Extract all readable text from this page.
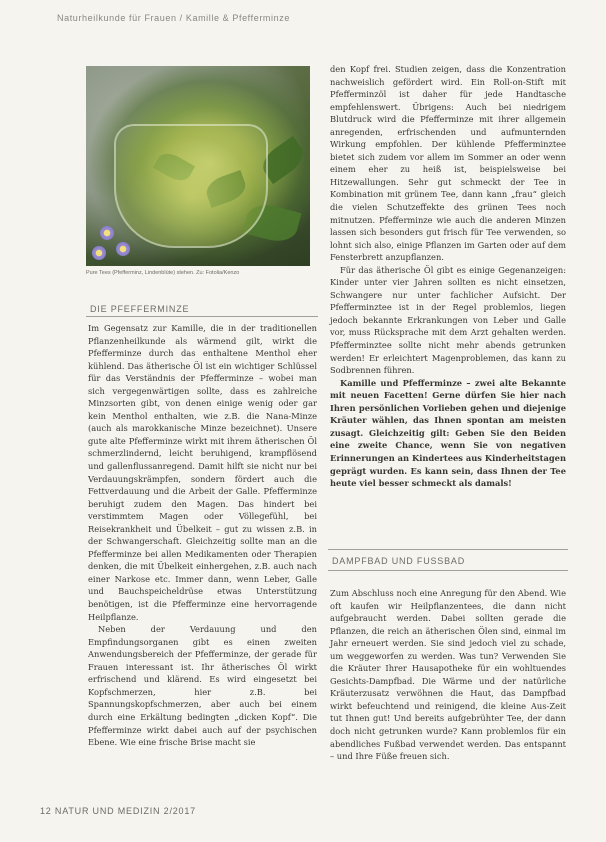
Naturheilkunde für Frauen / Kamille & Pfefferminze
Pure Tees (Pfefferminz, Lindenblüte) stehen. Zu: Fotolia/Kenzo
DIE PFEFFERMINZE

Im Gegensatz zur Kamille, die in der traditionellen Pflanzenheilkunde als wärmend gilt, wirkt die Pfefferminze durch das enthaltene Menthol eher kühlend. Das ätherische Öl ist ein wichtiger Schlüssel für das Verständnis der Pfefferminze – wobei man sich vergegenwärtigen sollte, dass es zahlreiche Minzsorten gibt, von denen einige wenig oder gar kein Menthol enthalten, wie z.B. die Nana-Minze (auch als marokkanische Minze bezeichnet). Unsere gute alte Pfefferminze wirkt mit ihrem ätherischen Öl schmerzlindernd, leicht beruhigend, krampflösend und gallenflussanregend. Damit hilft sie nicht nur bei Verdauungskrämpfen, sondern fördert auch die Fettverdauung und die Arbeit der Galle. Pfefferminze beruhigt zudem den Magen. Das hindert bei verstimmtem Magen oder Völlegefühl, bei Reisekrankheit und Übelkeit – gut zu wissen z.B. in der Schwangerschaft. Gleichzeitig sollte man an die Pfefferminze bei allen Medikamenten oder Therapien denken, die mit Übelkeit einhergehen, z.B. auch nach einer Narkose etc. Immer dann, wenn Leber, Galle und Bauchspeicheldrüse etwas Unterstützung benötigen, ist die Pfefferminze eine hervorragende Heilpflanze.

Neben der Verdauung und den Empfindungsorganen gibt es einen zweiten Anwendungsbereich der Pfefferminze, der gerade für Frauen interessant ist. Ihr ätherisches Öl wirkt erfrischend und klärend. Es wird eingesetzt bei Kopfschmerzen, hier z.B. bei Spannungskopfschmerzen, aber auch bei einem durch eine Erkältung bedingten „dicken Kopf“. Die Pfefferminze wirkt dabei auch auf der psychischen Ebene. Wie eine frische Brise macht sie

den Kopf frei. Studien zeigen, dass die Konzentration nachweislich gefördert wird. Ein Roll-on-Stift mit Pfefferminzöl ist daher für jede Handtasche empfehlenswert. Übrigens: Auch bei niedrigem Blutdruck wird die Pfefferminze mit ihrer allgemein anregenden, erfrischenden und aufmunternden Wirkung empfohlen. Der kühlende Pfefferminztee bietet sich zudem vor allem im Sommer an oder wenn einem eher zu heiß ist, beispielsweise bei Hitzewallungen. Sehr gut schmeckt der Tee in Kombination mit grünem Tee, dann kann „frau“ gleich die vielen Schutzeffekte des grünen Tees noch mitnutzen. Pfefferminze wie auch die anderen Minzen lassen sich besonders gut frisch für Tee verwenden, so lohnt sich also, einige Pflanzen im Garten oder auf dem Fensterbrett anzupflanzen.

Für das ätherische Öl gibt es einige Gegenanzeigen: Kinder unter vier Jahren sollten es nicht einsetzen, Schwangere nur unter fachlicher Aufsicht. Der Pfefferminztee ist in der Regel problemlos, liegen jedoch bekannte Erkrankungen von Leber und Galle vor, muss Rücksprache mit dem Arzt gehalten werden. Pfefferminztee sollte nicht mehr abends getrunken werden! Er erleichtert Magenproblemen, das kann zu Sodbrennen führen.

Kamille und Pfefferminze – zwei alte Bekannte mit neuen Facetten! Gerne dürfen Sie hier nach Ihren persönlichen Vorlieben gehen und diejenige Kräuter wählen, das Ihnen spontan am meisten zusagt. Gleichzeitig gilt: Geben Sie den Beiden eine zweite Chance, wenn Sie von negativen Erinnerungen an Kindertees aus Kinderheitstagen geprägt wurden. Es kann sein, dass Ihnen der Tee heute viel besser schmeckt als damals!

DAMPFBAD UND FUSSBAD

Zum Abschluss noch eine Anregung für den Abend. Wie oft kaufen wir Heilpflanzentees, die dann nicht aufgebraucht werden. Dabei sollten gerade die Pflanzen, die reich an ätherischen Ölen sind, einmal im Jahr erneuert werden. Sie sind jedoch viel zu schade, um weggeworfen zu werden. Was tun? Verwenden Sie die Kräuter Ihrer Hausapotheke für ein wohltuendes Gesichts-Dampfbad. Die Wärme und der natürliche Kräuterzusatz verwöhnen die Haut, das Dampfbad wirkt befeuchtend und reinigend, die kleine Aus-Zeit tut Ihnen gut! Und bereits aufgebrühter Tee, der dann doch nicht getrunken wurde? Kann problemlos für ein abendliches Fußbad verwendet werden. Das entspannt – und Ihre Füße freuen sich.

12 NATUR UND MEDIZIN 2/2017
